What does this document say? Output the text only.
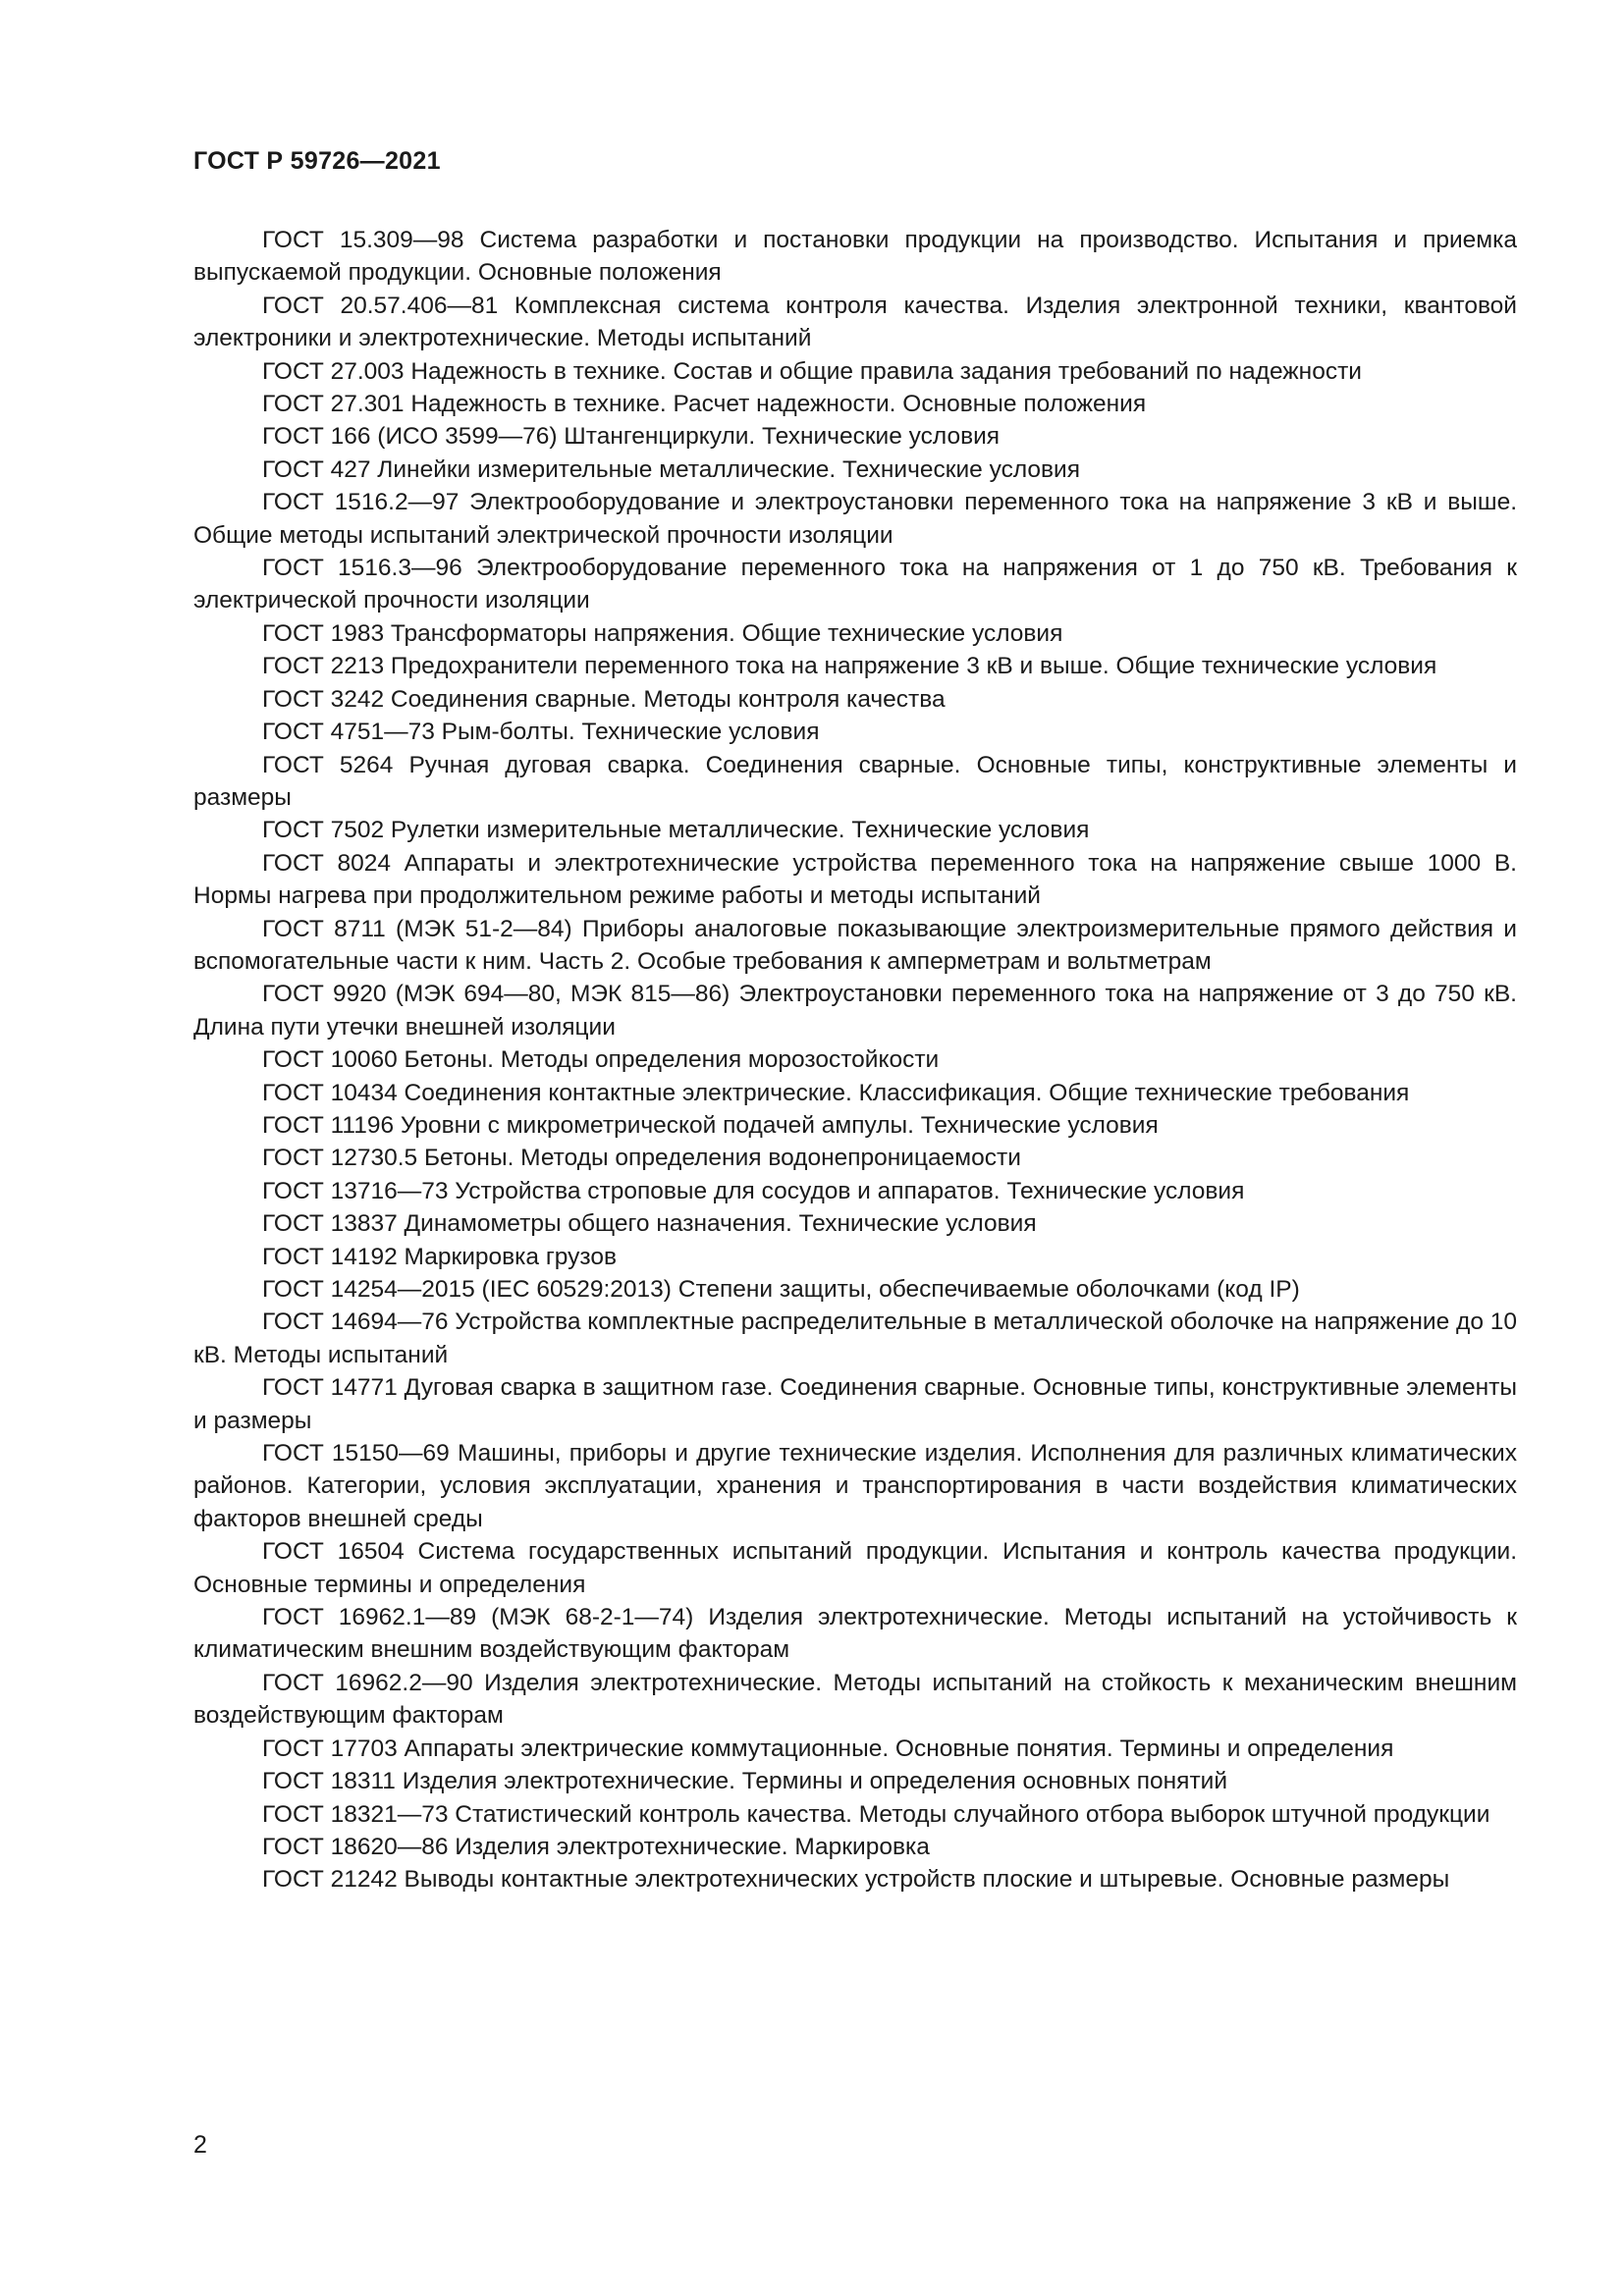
ГОСТ Р 59726—2021
ГОСТ 15.309—98 Система разработки и постановки продукции на производство. Испытания и приемка выпускаемой продукции. Основные положения
ГОСТ 20.57.406—81 Комплексная система контроля качества. Изделия электронной техники, квантовой электроники и электротехнические. Методы испытаний
ГОСТ 27.003 Надежность в технике. Состав и общие правила задания требований по надежности
ГОСТ 27.301 Надежность в технике. Расчет надежности. Основные положения
ГОСТ 166 (ИСО 3599—76) Штангенциркули. Технические условия
ГОСТ 427 Линейки измерительные металлические. Технические условия
ГОСТ 1516.2—97 Электрооборудование и электроустановки переменного тока на напряжение 3 кВ и выше. Общие методы испытаний электрической прочности изоляции
ГОСТ 1516.3—96 Электрооборудование переменного тока на напряжения от 1 до 750 кВ. Требования к электрической прочности изоляции
ГОСТ 1983 Трансформаторы напряжения. Общие технические условия
ГОСТ 2213 Предохранители переменного тока на напряжение 3 кВ и выше. Общие технические условия
ГОСТ 3242 Соединения сварные. Методы контроля качества
ГОСТ 4751—73 Рым-болты. Технические условия
ГОСТ 5264 Ручная дуговая сварка. Соединения сварные. Основные типы, конструктивные элементы и размеры
ГОСТ 7502 Рулетки измерительные металлические. Технические условия
ГОСТ 8024 Аппараты и электротехнические устройства переменного тока на напряжение свыше 1000 В. Нормы нагрева при продолжительном режиме работы и методы испытаний
ГОСТ 8711 (МЭК 51-2—84) Приборы аналоговые показывающие электроизмерительные прямого действия и вспомогательные части к ним. Часть 2. Особые требования к амперметрам и вольтметрам
ГОСТ 9920 (МЭК 694—80, МЭК 815—86) Электроустановки переменного тока на напряжение от 3 до 750 кВ. Длина пути утечки внешней изоляции
ГОСТ 10060 Бетоны. Методы определения морозостойкости
ГОСТ 10434 Соединения контактные электрические. Классификация. Общие технические требования
ГОСТ 11196 Уровни с микрометрической подачей ампулы. Технические условия
ГОСТ 12730.5 Бетоны. Методы определения водонепроницаемости
ГОСТ 13716—73 Устройства строповые для сосудов и аппаратов. Технические условия
ГОСТ 13837 Динамометры общего назначения. Технические условия
ГОСТ 14192 Маркировка грузов
ГОСТ 14254—2015 (IEC 60529:2013) Степени защиты, обеспечиваемые оболочками (код IP)
ГОСТ 14694—76 Устройства комплектные распределительные в металлической оболочке на напряжение до 10 кВ. Методы испытаний
ГОСТ 14771 Дуговая сварка в защитном газе. Соединения сварные. Основные типы, конструктивные элементы и размеры
ГОСТ 15150—69 Машины, приборы и другие технические изделия. Исполнения для различных климатических районов. Категории, условия эксплуатации, хранения и транспортирования в части воздействия климатических факторов внешней среды
ГОСТ 16504 Система государственных испытаний продукции. Испытания и контроль качества продукции. Основные термины и определения
ГОСТ 16962.1—89 (МЭК 68-2-1—74) Изделия электротехнические. Методы испытаний на устойчивость к климатическим внешним воздействующим факторам
ГОСТ 16962.2—90 Изделия электротехнические. Методы испытаний на стойкость к механическим внешним воздействующим факторам
ГОСТ 17703 Аппараты электрические коммутационные. Основные понятия. Термины и определения
ГОСТ 18311 Изделия электротехнические. Термины и определения основных понятий
ГОСТ 18321—73 Статистический контроль качества. Методы случайного отбора выборок штучной продукции
ГОСТ 18620—86 Изделия электротехнические. Маркировка
ГОСТ 21242 Выводы контактные электротехнических устройств плоские и штыревые. Основные размеры
2
